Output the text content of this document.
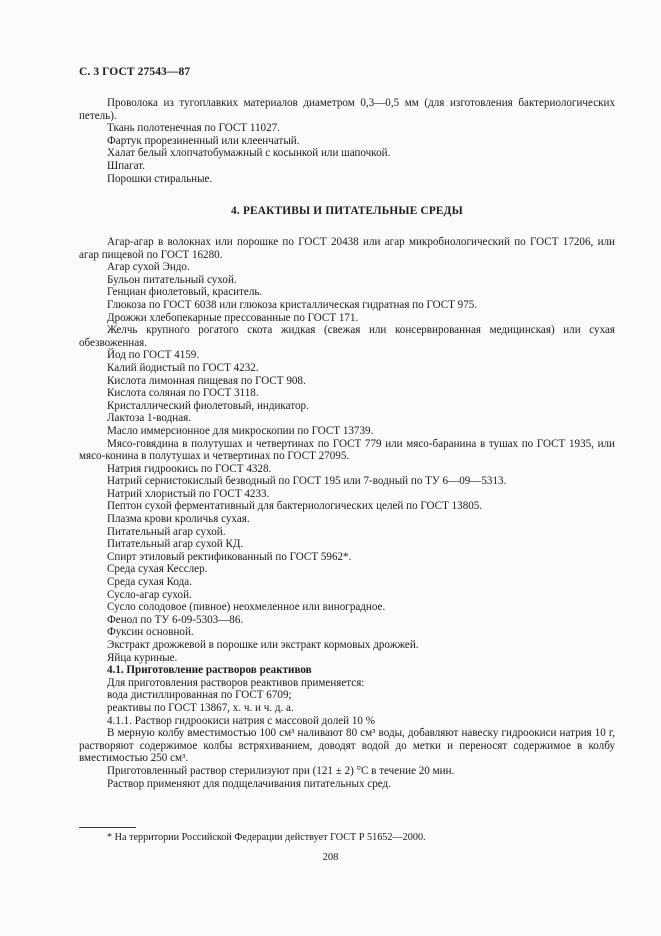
С. 3 ГОСТ 27543—87

Проволока из тугоплавких материалов диаметром 0,3—0,5 мм (для изготовления бактериологических петель).

Ткань полотенечная по ГОСТ 11027.

Фартук прорезиненный или клеенчатый.

Халат белый хлопчатобумажный с косынкой или шапочкой.

Шпагат.

Порошки стиральные.

4. РЕАКТИВЫ И ПИТАТЕЛЬНЫЕ СРЕДЫ

Агар-агар в волокнах или порошке по ГОСТ 20438 или агар микробиологический по ГОСТ 17206, или агар пищевой по ГОСТ 16280.

Агар сухой Эндо.

Бульон питательный сухой.

Генциан фиолетовый, краситель.

Глюкоза по ГОСТ 6038 или глюкоза кристаллическая гидратная по ГОСТ 975.

Дрожжи хлебопекарные прессованные по ГОСТ 171.

Желчь крупного рогатого скота жидкая (свежая или консервированная медицинская) или сухая обезвоженная.

Йод по ГОСТ 4159.

Калий йодистый по ГОСТ 4232.

Кислота лимонная пищевая по ГОСТ 908.

Кислота соляная по ГОСТ 3118.

Кристаллический фиолетовый, индикатор.

Лактоза 1-водная.

Масло иммерсионное для микроскопии по ГОСТ 13739.

Мясо-говядина в полутушах и четвертинах по ГОСТ 779 или мясо-баранина в тушах по ГОСТ 1935, или мясо-конина в полутушах и четвертинах по ГОСТ 27095.

Натрия гидроокись по ГОСТ 4328.

Натрий сернистокислый безводный по ГОСТ 195 или 7-водный по ТУ 6—09—5313.

Натрий хлористый по ГОСТ 4233.

Пептон сухой ферментативный для бактериологических целей по ГОСТ 13805.

Плазма крови кроличья сухая.

Питательный агар сухой.

Питательный агар сухой КД.

Спирт этиловый ректификованный по ГОСТ 5962*.

Среда сухая Кесслер.

Среда сухая Кода.

Сусло-агар сухой.

Сусло солодовое (пивное) неохмеленное или виноградное.

Фенол по ТУ 6-09-5303—86.

Фуксин основной.

Экстракт дрожжевой в порошке или экстракт кормовых дрожжей.

Яйца куриные.

4.1. Приготовление растворов реактивов

Для приготовления растворов реактивов применяется:

вода дистиллированная по ГОСТ 6709;

реактивы по ГОСТ 13867, х. ч. и ч. д. а.

4.1.1. Раствор гидроокиси натрия с массовой долей 10 %

В мерную колбу вместимостью 100 см³ наливают 80 см³ воды, добавляют навеску гидроокиси натрия 10 г, растворяют содержимое колбы встряхиванием, доводят водой до метки и переносят содержимое в колбу вместимостью 250 см³.

Приготовленный раствор стерилизуют при (121 ± 2) °С в течение 20 мин.

Раствор применяют для подщелачивания питательных сред.

* На территории Российской Федерации действует ГОСТ Р 51652—2000.
208
